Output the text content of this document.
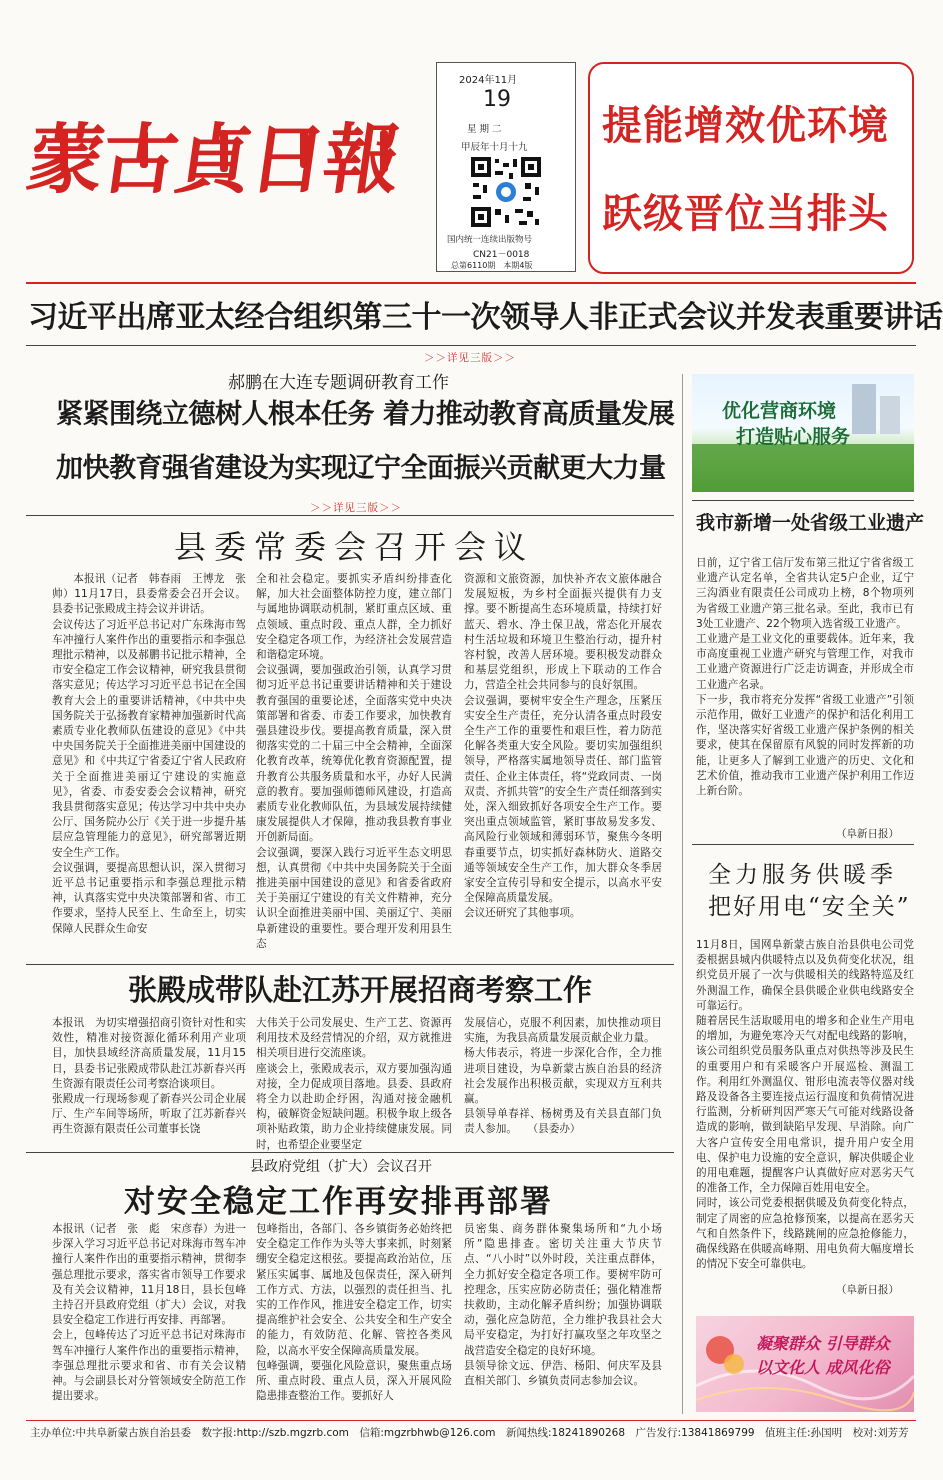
蒙古貞日報
2024年11月
19
星 期 二
甲辰年十月十九
国内统一连续出版物号
CN21－0018
总第6110期　本期4版
提能增效优环境
跃级晋位当排头
习近平出席亚太经合组织第三十一次领导人非正式会议并发表重要讲话
＞＞详见三版＞＞
郝鹏在大连专题调研教育工作
紧紧围绕立德树人根本任务 着力推动教育高质量发展
加快教育强省建设为实现辽宁全面振兴贡献更大力量
＞＞详见三版＞＞
优化营商环境
打造贴心服务
县委常委会召开会议
本报讯（记者　韩春雨　王博龙　张　帅）11月17日，县委常委会召开会议。县委书记张殿成主持会议并讲话。
会议传达了习近平总书记对广东珠海市驾车冲撞行人案件作出的重要指示和李强总理批示精神，以及郝鹏书记批示精神，全市安全稳定工作会议精神，研究我县贯彻落实意见；传达学习习近平总书记在全国教育大会上的重要讲话精神，《中共中央 国务院关于弘扬教育家精神加强新时代高素质专业化教师队伍建设的意见》《中共中央国务院关于全面推进美丽中国建设的意见》和《中共辽宁省委辽宁省人民政府关于全面推进美丽辽宁建设的实施意见》，省委、市委安委会会议精神，研究我县贯彻落实意见；传达学习中共中央办公厅、国务院办公厅《关于进一步提升基层应急管理能力的意见》，研究部署近期安全生产工作。
会议强调，要提高思想认识，深入贯彻习近平总书记重要指示和李强总理批示精神，认真落实党中央决策部署和省、市工作要求，坚持人民至上、生命至上，切实保障人民群众生命安
全和社会稳定。要抓实矛盾纠纷排查化解，加大社会面整体防控力度，建立部门与属地协调联动机制，紧盯重点区域、重点领域、重点时段、重点人群，全力抓好安全稳定各项工作，为经济社会发展营造和谐稳定环境。
会议强调，要加强政治引领，认真学习贯彻习近平总书记重要讲话精神和关于建设教育强国的重要论述，全面落实党中央决策部署和省委、市委工作要求，加快教育强县建设步伐。要提高教育质量，深入贯彻落实党的二十届三中全会精神，全面深化教育改革，统筹优化教育资源配置，提升教育公共服务质量和水平，办好人民满意的教育。要加强师德师风建设，打造高素质专业化教师队伍，为县域发展持续健康发展提供人才保障，推动我县教育事业开创新局面。
会议强调，要深入践行习近平生态文明思想，认真贯彻《中共中央国务院关于全面推进美丽中国建设的意见》和省委省政府关于美丽辽宁建设的有关文件精神，充分认识全面推进美丽中国、美丽辽宁、美丽阜新建设的重要性。要合理开发利用县生态
资源和文旅资源，加快补齐农文旅体融合发展短板，为乡村全面振兴提供有力支撑。要不断提高生态环境质量，持续打好蓝天、碧水、净土保卫战，常态化开展农村生活垃圾和环境卫生整治行动，提升村容村貌，改善人居环境。要积极发动群众和基层党组织，形成上下联动的工作合力，营造全社会共同参与的良好氛围。
会议强调，要树牢安全生产理念，压紧压实安全生产责任，充分认清各重点时段安全生产工作的重要性和艰巨性，着力防范化解各类重大安全风险。要切实加强组织领导，严格落实属地领导责任、部门监管责任、企业主体责任，将“党政同责、一岗双责、齐抓共管”的安全生产责任细落到实处，深入细致抓好各项安全生产工作。要突出重点领域监管，紧盯事故易发多发、高风险行业领域和薄弱环节，聚焦今冬明春重要节点，切实抓好森林防火、道路交通等领域安全生产工作，加大群众冬季居家安全宣传引导和安全提示，以高水平安全保障高质量发展。
会议还研究了其他事项。
张殿成带队赴江苏开展招商考察工作
本报讯　为切实增强招商引资针对性和实效性，精准对接资源化循环利用产业项目，加快县域经济高质量发展，11月15日，县委书记张殿成带队赴江苏新春兴再生资源有限责任公司考察洽谈项目。
张殿成一行现场参观了新春兴公司企业展厅、生产车间等场所，听取了江苏新春兴再生资源有限责任公司董事长饶
大伟关于公司发展史、生产工艺、资源再利用技术及经营情况的介绍，双方就推进相关项目进行交流座谈。
座谈会上，张殿成表示，双方要加强沟通对接，全力促成项目落地。县委、县政府将全力以赴助企纾困，沟通对接金融机构，破解资金短缺问题。积极争取上级各项补贴政策，助力企业持续健康发展。同时，也希望企业要坚定
发展信心，克服不利因素，加快推动项目实施，为我县高质量发展贡献企业力量。
杨大伟表示，将进一步深化合作，全力推进项目建设，为阜新蒙古族自治县的经济社会发展作出积极贡献，实现双方互利共赢。
县领导单春祥、杨树勇及有关县直部门负责人参加。　　（县委办）
县政府党组（扩大）会议召开
对安全稳定工作再安排再部署
本报讯（记者　张　彪　宋彦春）为进一步深入学习习近平总书记对珠海市驾车冲撞行人案件作出的重要指示精神，贯彻李强总理批示要求，落实省市领导工作要求及有关会议精神，11月18日，县长包峰主持召开县政府党组（扩大）会议，对我县安全稳定工作进行再安排、再部署。
会上，包峰传达了习近平总书记对珠海市驾车冲撞行人案件作出的重要指示精神，李强总理批示要求和省、市有关会议精神。与会副县长对分管领域安全防范工作提出要求。
包峰指出，各部门、各乡镇街务必始终把安全稳定工作作为头等大事来抓，时刻紧绷安全稳定这根弦。要提高政治站位，压紧压实属事、属地及包保责任，深入研判工作方式、方法，以强烈的责任担当、扎实的工作作风，推进安全稳定工作，切实提高维护社会安全、公共安全和生产安全的能力，有效防范、化解、管控各类风险，以高水平安全保障高质量发展。
包峰强调，要强化风险意识，聚焦重点场所、重点时段、重点人员，深入开展风险隐患排查整治工作。要抓好人
员密集、商务群体聚集场所和“九小场所”隐患排查。密切关注重大节庆节点、“八小时”以外时段，关注重点群体，全力抓好安全稳定各项工作。要树牢防可控理念，压实应防必防责任；强化精准帮扶救助，主动化解矛盾纠纷；加强协调联动，强化应急防范，全力维护我县社会大局平安稳定，为打好打赢攻坚之年攻坚之战营造安全稳定的良好环境。
县领导徐文远、伊浩、杨阳、何庆军及县直相关部门、乡镇负责同志参加会议。
我市新增一处省级工业遗产
日前，辽宁省工信厅发布第三批辽宁省省级工业遗产认定名单，全省共认定5户企业，辽宁三沟酒业有限责任公司成功上榜，8个物项列为省级工业遗产第三批名录。至此，我市已有3处工业遗产、22个物项入选省级工业遗产。
工业遗产是工业文化的重要载体。近年来，我市高度重视工业遗产研究与管理工作，对我市工业遗产资源进行广泛走访调查，并形成全市工业遗产名录。
下一步，我市将充分发挥“省级工业遗产”引领示范作用，做好工业遗产的保护和活化利用工作，坚决落实好省级工业遗产保护条例的相关要求，使其在保留原有风貌的同时发挥新的功能，让更多人了解到工业遗产的历史、文化和艺术价值，推动我市工业遗产保护利用工作迈上新台阶。
（阜新日报）
全力服务供暖季
把好用电“安全关”
11月8日，国网阜新蒙古族自治县供电公司党委根据县城内供暖特点以及负荷变化状况，组织党员开展了一次与供暖相关的线路特巡及红外测温工作，确保全县供暖企业供电线路安全可靠运行。
随着居民生活取暖用电的增多和企业生产用电的增加，为避免寒冷天气对配电线路的影响，该公司组织党员服务队重点对供热等涉及民生的重要用户和有采暖客户开展巡检、测温工作。利用红外测温仪、钳形电流表等仪器对线路及设备各主要连接点运行温度和负荷情况进行监测，分析研判因严寒天气可能对线路设备造成的影响，做到缺陷早发现、早消除。向广大客户宣传安全用电常识，提升用户安全用电、保护电力设施的安全意识，解决供暖企业的用电难题，提醒客户认真做好应对恶劣天气的准备工作，全力保障百姓用电安全。
同时，该公司党委根据供暖及负荷变化特点，制定了周密的应急抢修预案，以提高在恶劣天气和自然条件下，线路跳闸的应急抢修能力，确保线路在供暖高峰期、用电负荷大幅度增长的情况下安全可靠供电。
（阜新日报）
凝聚群众 引导群众 以文化人 成风化俗
主办单位:中共阜新蒙古族自治县委　数字报:http://szb.mgzrb.com　信箱:mgzrbhwb@126.com　新闻热线:18241890268　广告发行:13841869799　值班主任:孙国明　校对:刘芳芳
